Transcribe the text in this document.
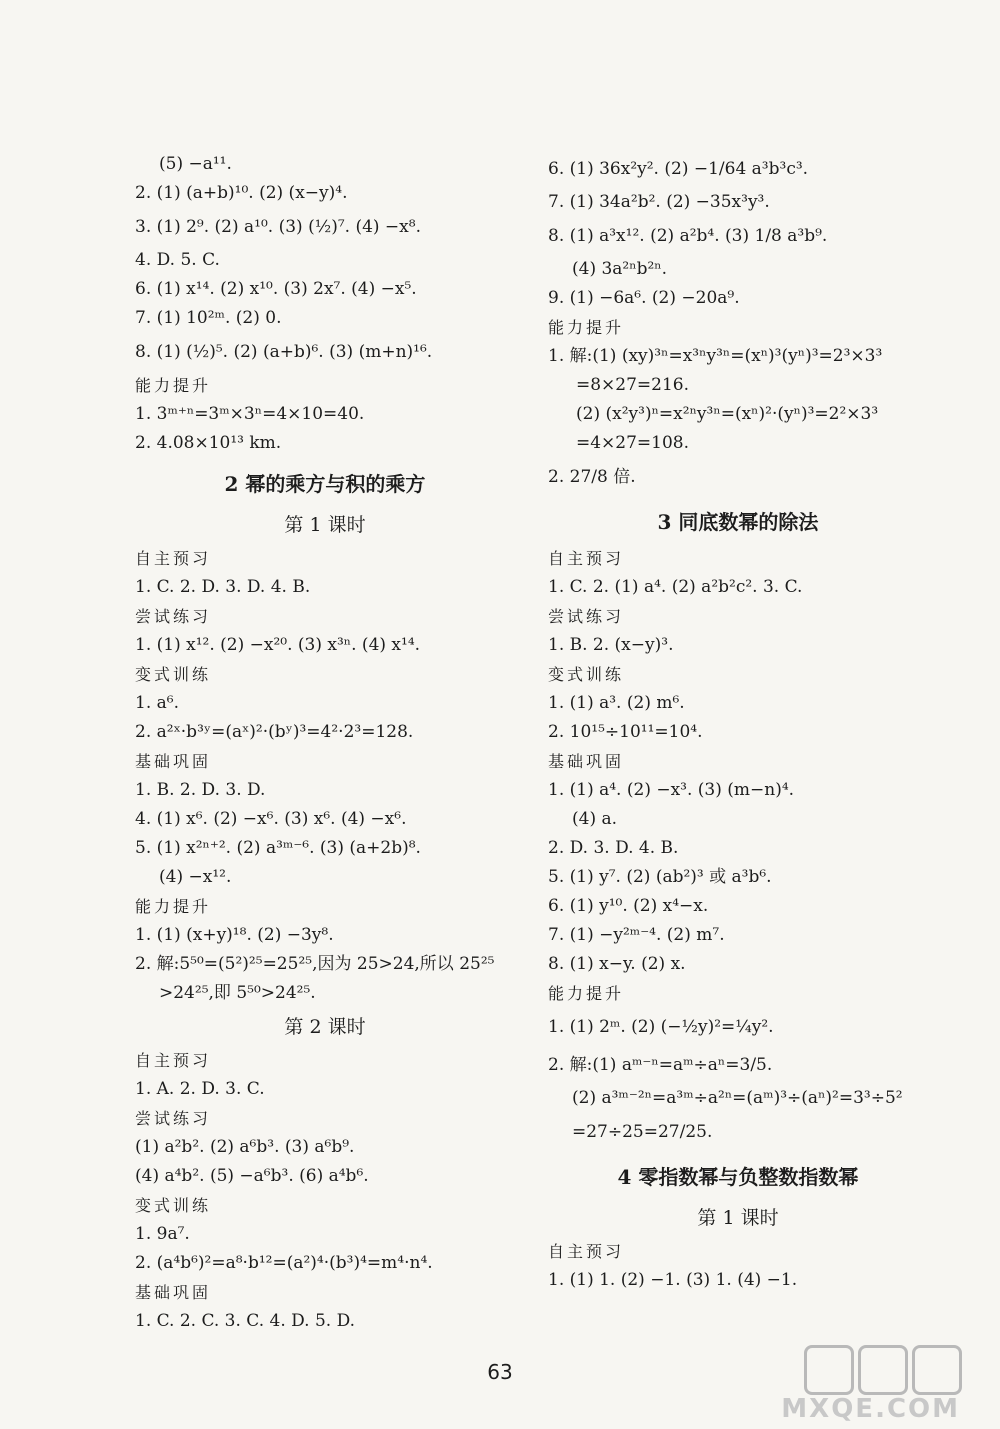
(5) −a¹¹.
2. (1) (a+b)¹⁰. (2) (x−y)⁴.
3. (1) 2⁹. (2) a¹⁰. (3) (½)⁷. (4) −x⁸.
4. D. 5. C.
6. (1) x¹⁴. (2) x¹⁰. (3) 2x⁷. (4) −x⁵.
7. (1) 10²ᵐ. (2) 0.
8. (1) (½)⁵. (2) (a+b)⁶. (3) (m+n)¹⁶.
能力提升
1. 3ᵐ⁺ⁿ=3ᵐ×3ⁿ=4×10=40.
2. 4.08×10¹³ km.
2 幂的乘方与积的乘方
第 1 课时
自主预习
1. C. 2. D. 3. D. 4. B.
尝试练习
1. (1) x¹². (2) −x²⁰. (3) x³ⁿ. (4) x¹⁴.
变式训练
1. a⁶.
2. a²ˣ·b³ʸ=(aˣ)²·(bʸ)³=4²·2³=128.
基础巩固
1. B. 2. D. 3. D.
4. (1) x⁶. (2) −x⁶. (3) x⁶. (4) −x⁶.
5. (1) x²ⁿ⁺². (2) a³ᵐ⁻⁶. (3) (a+2b)⁸.
(4) −x¹².
能力提升
1. (1) (x+y)¹⁸. (2) −3y⁸.
2. 解:5⁵⁰=(5²)²⁵=25²⁵,因为 25>24,所以 25²⁵
>24²⁵,即 5⁵⁰>24²⁵.
第 2 课时
自主预习
1. A. 2. D. 3. C.
尝试练习
(1) a²b². (2) a⁶b³. (3) a⁶b⁹.
(4) a⁴b². (5) −a⁶b³. (6) a⁴b⁶.
变式训练
1. 9a⁷.
2. (a⁴b⁶)²=a⁸·b¹²=(a²)⁴·(b³)⁴=m⁴·n⁴.
基础巩固
1. C. 2. C. 3. C. 4. D. 5. D.
6. (1) 36x²y². (2) −1/64 a³b³c³.
7. (1) 34a²b². (2) −35x³y³.
8. (1) a³x¹². (2) a²b⁴. (3) 1/8 a³b⁹.
(4) 3a²ⁿb²ⁿ.
9. (1) −6a⁶. (2) −20a⁹.
能力提升
1. 解:(1) (xy)³ⁿ=x³ⁿy³ⁿ=(xⁿ)³(yⁿ)³=2³×3³
=8×27=216.
(2) (x²y³)ⁿ=x²ⁿy³ⁿ=(xⁿ)²·(yⁿ)³=2²×3³
=4×27=108.
2. 27/8 倍.
3 同底数幂的除法
自主预习
1. C. 2. (1) a⁴. (2) a²b²c². 3. C.
尝试练习
1. B. 2. (x−y)³.
变式训练
1. (1) a³. (2) m⁶.
2. 10¹⁵÷10¹¹=10⁴.
基础巩固
1. (1) a⁴. (2) −x³. (3) (m−n)⁴.
(4) a.
2. D. 3. D. 4. B.
5. (1) y⁷. (2) (ab²)³ 或 a³b⁶.
6. (1) y¹⁰. (2) x⁴−x.
7. (1) −y²ᵐ⁻⁴. (2) m⁷.
8. (1) x−y. (2) x.
能力提升
1. (1) 2ᵐ. (2) (−½y)²=¼y².
2. 解:(1) aᵐ⁻ⁿ=aᵐ÷aⁿ=3/5.
(2) a³ᵐ⁻²ⁿ=a³ᵐ÷a²ⁿ=(aᵐ)³÷(aⁿ)²=3³÷5²
=27÷25=27/25.
4 零指数幂与负整数指数幂
第 1 课时
自主预习
1. (1) 1. (2) −1. (3) 1. (4) −1.
63
MXQE.COM
